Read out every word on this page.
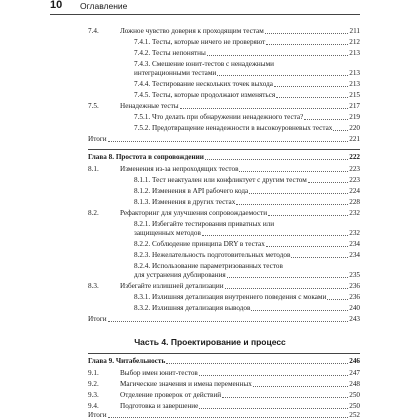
10 Оглавление
7.4.	Ложное чувство доверия к проходящим тестам	211
7.4.1. Тесты, которые ничего не проверяют	212
7.4.2. Тесты непонятны	213
7.4.3. Смешение юнит-тестов с ненадежными
интеграционными тестами	213
7.4.4. Тестирование нескольких точек выхода	213
7.4.5. Тесты, которые продолжают изменяться	215
7.5.	Ненадежные тесты	217
7.5.1. Что делать при обнаружении ненадежного теста?	219
7.5.2. Предотвращение ненадежности в высокоуровневых тестах 220
Итоги	221
Глава 8. Простота в сопровождении	222
8.1.	Изменения из-за непроходящих тестов	223
8.1.1. Тест неактуален или конфликтует с другим тестом	223
8.1.2. Изменения в API рабочего кода	224
8.1.3. Изменения в других тестах	228
8.2.	Рефакторинг для улучшения сопровождаемости	232
8.2.1. Избегайте тестирования приватных или
защищенных методов	232
8.2.2. Соблюдение принципа DRY в тестах	234
8.2.3. Нежелательность подготовительных методов	234
8.2.4. Использование параметризованных тестов
для устранения дублирования	235
8.3.	Избегайте излишней детализации	236
8.3.1. Излишняя детализация внутреннего поведения с моками	236
8.3.2. Излишняя детализация выводов	240
Итоги	243
Часть 4. Проектирование и процесс
Глава 9. Читабельность	246
9.1.	Выбор имен юнит-тестов	247
9.2.	Магические значения и имена переменных	248
9.3.	Отделение проверок от действий	250
9.4.	Подготовка и завершение	250
Итоги	252
